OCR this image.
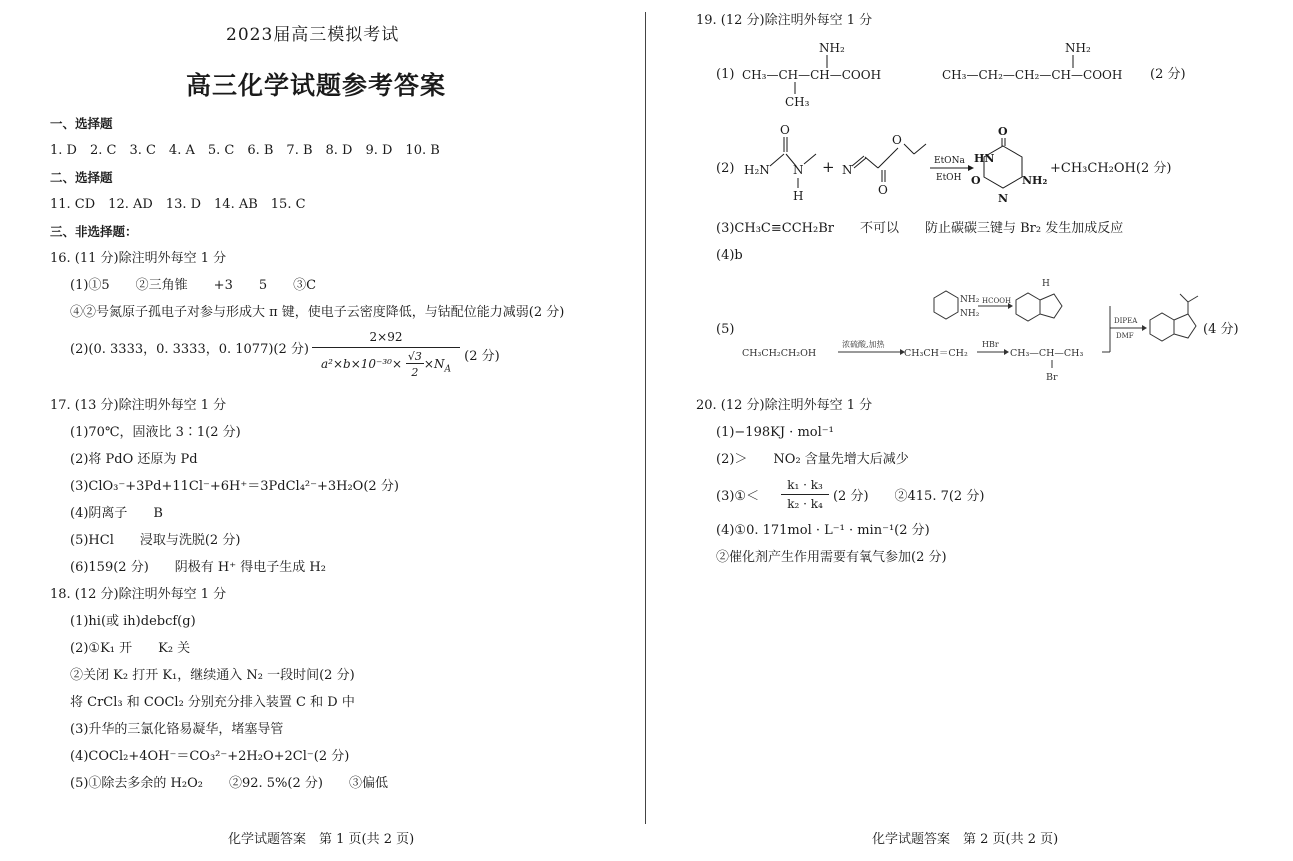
2023届高三模拟考试
高三化学试题参考答案
一、选择题
1. D　2. C　3. C　4. A　5. C　6. B　7. B　8. D　9. D　10. B
二、选择题
11. CD　12. AD　13. D　14. AB　15. C
三、非选择题：
16. (11 分)除注明外每空 1 分
(1)①5　　②三角锥　　+3　　5　　③C
④②号氮原子孤电子对参与形成大 π 键，使电子云密度降低，与钴配位能力减弱(2 分)
(2)(0. 3333，0. 3333，0. 1077)(2 分) $\frac{2\times 92}{a^2\times b\times 10^{-30}\times \frac{√3}{2} \times N_A} (2$ 分)
17. (13 分)除注明外每空 1 分
(1)70℃，固液比 3∶1(2 分)
(2)将 PdO 还原为 Pd
(3)ClO₃⁻+3Pd+11Cl⁻+6H⁺＝3PdCl₄²⁻+3H₂O(2 分)
(4)阴离子　　B
(5)HCl　　浸取与洗脱(2 分)
(6)159(2 分)　　阴极有 H⁺ 得电子生成 H₂
18. (12 分)除注明外每空 1 分
(1)hi(或 ih)debcf(g)
(2)①K₁ 开　　K₂ 关
②关闭 K₂ 打开 K₁，继续通入 N₂ 一段时间(2 分)
将 CrCl₃ 和 COCl₂ 分别充分排入装置 C 和 D 中
(3)升华的三氯化铬易凝华，堵塞导管
(4)COCl₂+4OH⁻＝CO₃²⁻+2H₂O+2Cl⁻(2 分)
(5)①除去多余的 H₂O₂　　②92. 5%(2 分)　　③偏低
化学试题答案　第 1 页(共 2 页)
19. (12 分)除注明外每空 1 分
(1) CH₃—CH—CH—COOH
NH₂
CH₃
CH₃—CH₂—CH₂—CH—COOH
NH₂
(2 分)
(2)
O
H₂N N
H
+ N
O
O
EtONa
EtOH
O
HN
O
N
NH₂
+CH₃CH₂OH(2 分)
(3)CH₃C≡CCH₂Br　　不可以　　防止碳碳三键与 Br₂ 发生加成反应
(4)b
(5)
NH₂
NH₂
HCOOH
H
CH₃CH₂CH₂OH
浓硫酸,加热
CH₃CH＝CH₂
HBr
CH₃—CH—CH₃
Br
DIPEA
DMF	(4 分)
20. (12 分)除注明外每空 1 分
(1)−198KJ · mol⁻¹
(2)＞　　NO₂ 含量先增大后减少
(3)①＜ $\frac{\text{k₁ · k₃}}{\text{k₂ · k₄}} (2$ 分)　　②415. 7(2 分)
(4)①0. 171mol · L⁻¹ · min⁻¹(2 分)
②催化剂产生作用需要有氧气参加(2 分)
化学试题答案　第 2 页(共 2 页)
